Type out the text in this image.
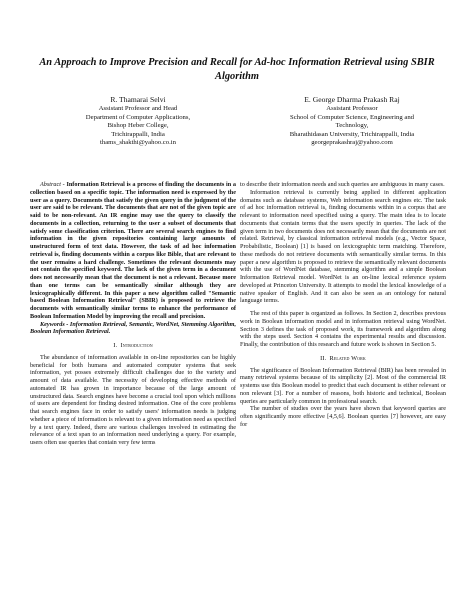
An Approach to Improve Precision and Recall for Ad-hoc Information Retrieval using SBIR Algorithm
R. Thamarai Selvi
Assistant Professor and Head
Department of Computer Applications,
Bishop Heber College,
Trichirappalli, India
thams_shakthi@yahoo.co.in
E. George Dharma Prakash Raj
Assistant Professor
School of Computer Science, Engineering and
Technology,
Bharathidasan University, Trichirappalli, India
georgeprakashraj@yahoo.com

Abstract - Information Retrieval is a process of finding the documents in a collection based on a specific topic. The information need is expressed by the user as a query. Documents that satisfy the given query in the judgment of the user are said to be relevant. The documents that are not of the given topic are said to be non-relevant. An IR engine may use the query to classify the documents in a collection, returning to the user a subset of documents that satisfy some classification criterion. There are several search engines to find information in the given repositories containing large amounts of unstructured form of text data. However, the task of ad hoc information retrieval is, finding documents within a corpus like Bible, that are relevant to the user remains a hard challenge. Sometimes the relevant documents may not contain the specified keyword. The lack of the given term in a document does not necessarily mean that the document is not a relevant. Because more than one terms can be semantically similar although they are lexicographically different. In this paper a new algorithm called "Semantic based Boolean Information Retrieval" (SBIR) is proposed to retrieve the documents with semantically similar terms to enhance the performance of Boolean Information Model by improving the recall and precision.

Keywords - Information Retrieval, Semantic, WordNet, Stemming Algorithm, Boolean Information Retrieval.

I. Introduction

The abundance of information available in on-line repositories can be highly beneficial for both humans and automated computer systems that seek information, yet posses extremely difficult challenges due to the variety and amount of data available. The necessity of developing effective methods of automated IR has grown in importance because of the large amount of unstructured data. Search engines have become a crucial tool upon which millions of users are dependent for finding desired information. One of the core problems that search engines face in order to satisfy users' information needs is judging whether a piece of information is relevant to a given information need as specified by a text query. Indeed, there are various challenges involved in estimating the relevance of a text span to an information need underlying a query. For example, users often use queries that contain very few terms

to describe their information needs and such queries are ambiguous in many cases.

Information retrieval is currently being applied in different application domains such as database systems, Web information search engines etc. The task of ad hoc information retrieval is, finding documents within in a corpus that are relevant to information need specified using a query. The main idea is to locate documents that contain terms that the users specify in queries. The lack of the given term in two documents does not necessarily mean that the documents are not related. Retrieval, by classical information retrieval models (e.g., Vector Space, Probabilistic, Boolean) [1] is based on lexicographic term matching. Therefore, these methods do not retrieve documents with semantically similar terms. In this paper a new algorithm is proposed to retrieve the semantically relevant documents with the use of WordNet database, stemming algorithm and a simple Boolean Information Retrieval model. WordNet is an on-line lexical reference system developed at Princeton University. It attempts to model the lexical knowledge of a native speaker of English. And it can also be seen as an ontology for natural language terms.

The rest of this paper is organized as follows. In Section 2, describes previous work in Boolean information model and in information retrieval using WordNet. Section 3 defines the task of proposed work, its framework and algorithm along with the steps used. Section 4 contains the experimental results and discussion. Finally, the contribution of this research and future work is shown in Section 5.

II. Related Work

The significance of Boolean Information Retrieval (BIR) has been revealed in many retrieval systems because of its simplicity [2]. Most of the commercial IR systems use this Boolean model to predict that each document is either relevant or non relevant [3]. For a number of reasons, both historic and technical, Boolean queries are particularly common in professional search.

The number of studies over the years have shown that keyword queries are often significantly more effective [4,5,6]. Boolean queries [7] however, are easy for
